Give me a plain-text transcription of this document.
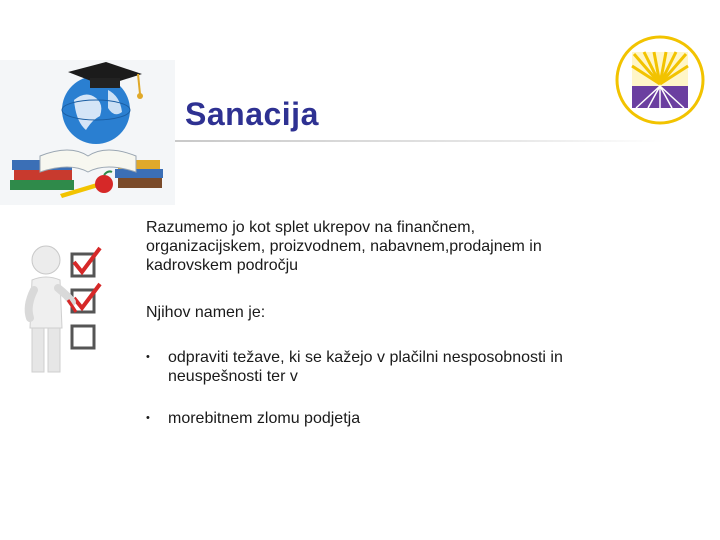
Sanacija

Razumemo jo kot splet ukrepov na finančnem, organizacijskem, proizvodnem, nabavnem,prodajnem in kadrovskem področju

Njihov namen je:

•	odpraviti težave, ki se kažejo v plačilni nesposobnosti in neuspešnosti ter v
•	morebitnem zlomu podjetja
